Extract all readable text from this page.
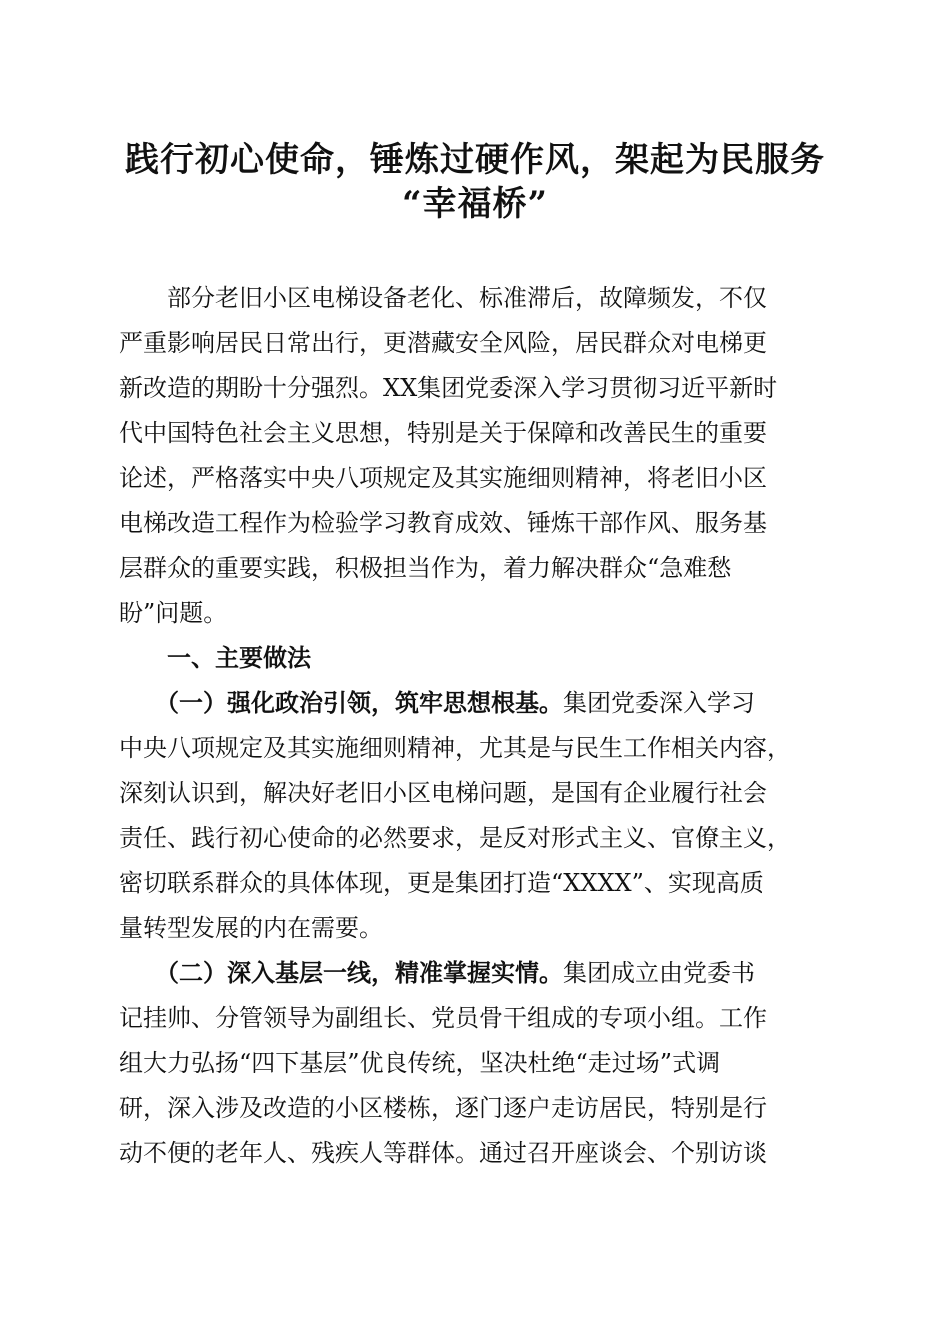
践行初心使命，锤炼过硬作风，架起为民服务
“幸福桥”

　　部分老旧小区电梯设备老化、标准滞后，故障频发，不仅

严重影响居民日常出行，更潜藏安全风险，居民群众对电梯更

新改造的期盼十分强烈。XX集团党委深入学习贯彻习近平新时

代中国特色社会主义思想，特别是关于保障和改善民生的重要

论述，严格落实中央八项规定及其实施细则精神，将老旧小区

电梯改造工程作为检验学习教育成效、锤炼干部作风、服务基

层群众的重要实践，积极担当作为，着力解决群众“急难愁

盼”问题。

　　一、主要做法

　　（一）强化政治引领，筑牢思想根基。集团党委深入学习

中央八项规定及其实施细则精神，尤其是与民生工作相关内容，

深刻认识到，解决好老旧小区电梯问题，是国有企业履行社会

责任、践行初心使命的必然要求，是反对形式主义、官僚主义，

密切联系群众的具体体现，更是集团打造“XXXX”、实现高质

量转型发展的内在需要。

　　（二）深入基层一线，精准掌握实情。集团成立由党委书

记挂帅、分管领导为副组长、党员骨干组成的专项小组。工作

组大力弘扬“四下基层”优良传统，坚决杜绝“走过场”式调

研，深入涉及改造的小区楼栋，逐门逐户走访居民，特别是行

动不便的老年人、残疾人等群体。通过召开座谈会、个别访谈
